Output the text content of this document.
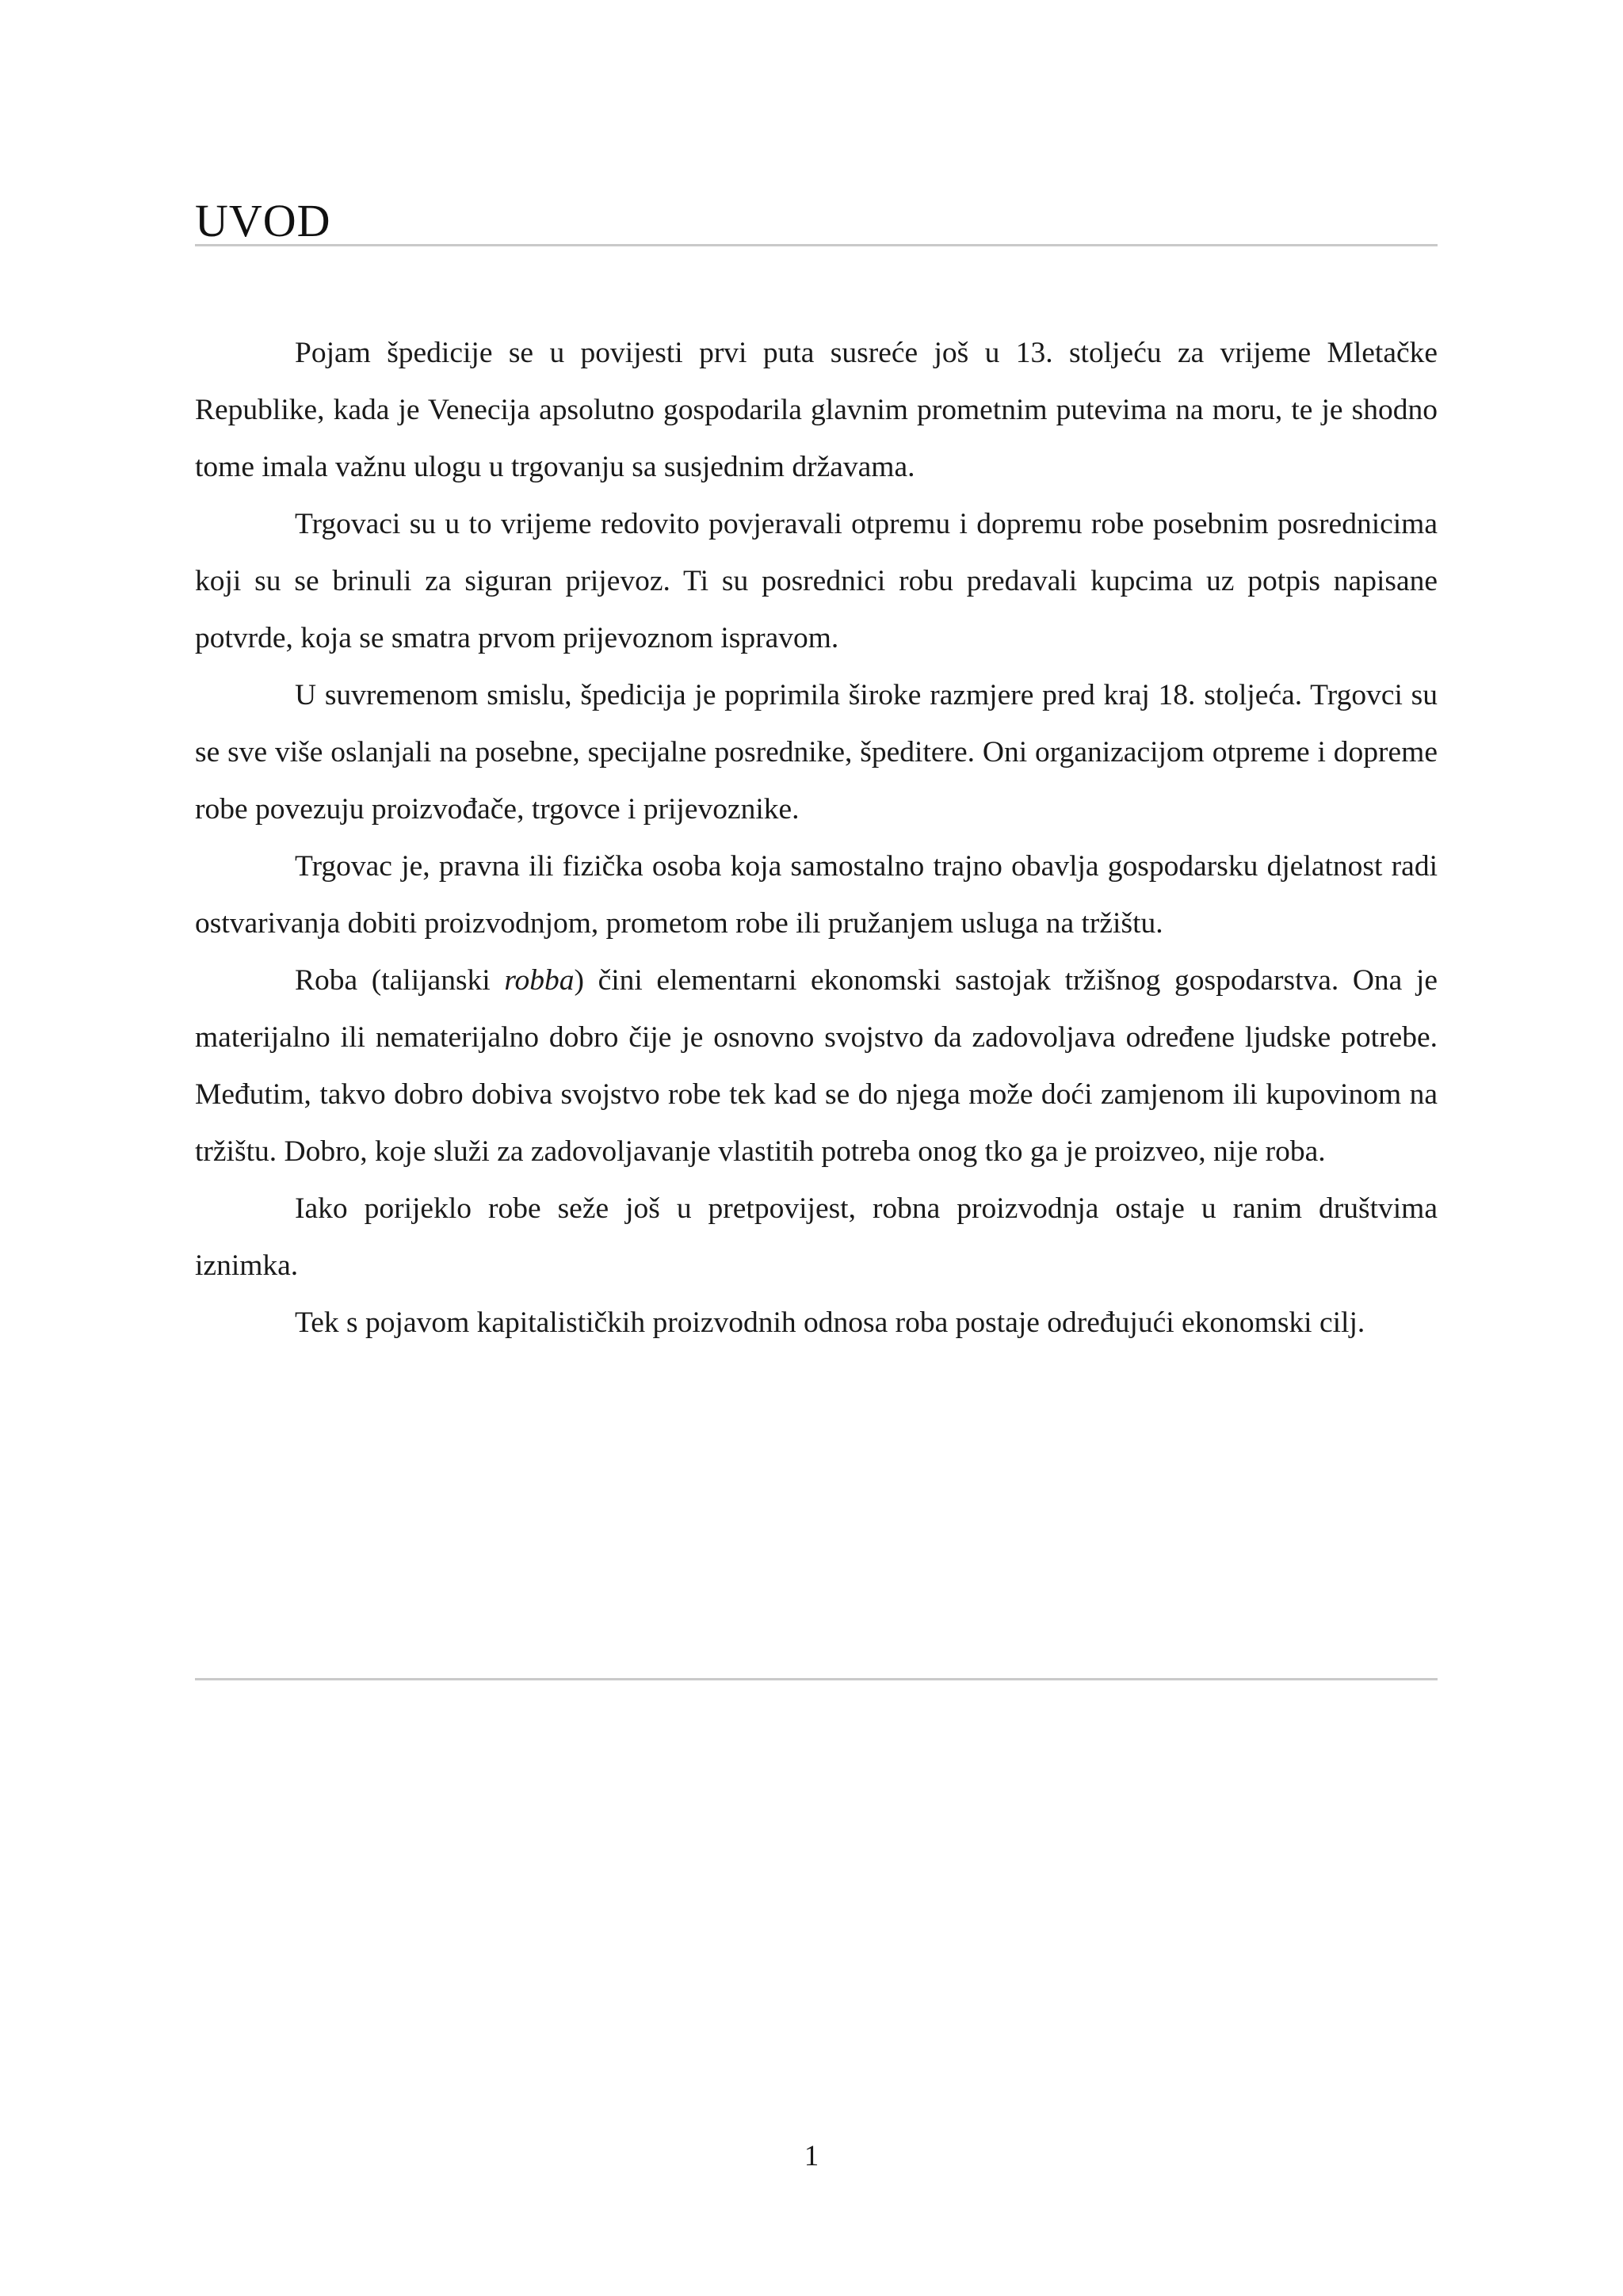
UVOD

Pojam špedicije se u povijesti prvi puta susreće još u 13. stoljeću za vrijeme Mletačke Republike, kada je Venecija apsolutno gospodarila glavnim prometnim putevima na moru, te je shodno tome imala važnu ulogu u trgovanju sa susjednim državama.

Trgovaci su u to vrijeme redovito povjeravali otpremu i dopremu robe posebnim posrednicima koji su se brinuli za siguran prijevoz. Ti su posrednici robu predavali kupcima uz potpis napisane potvrde, koja se smatra prvom prijevoznom ispravom.

U suvremenom smislu, špedicija je poprimila široke razmjere pred kraj 18. stoljeća. Trgovci su se sve više oslanjali na posebne, specijalne posrednike, špeditere. Oni organizacijom otpreme i dopreme robe povezuju proizvođače, trgovce i prijevoznike.

Trgovac je, pravna ili fizička osoba koja samostalno trajno obavlja gospodarsku djelatnost radi ostvarivanja dobiti proizvodnjom, prometom robe ili pružanjem usluga na tržištu.

Roba (talijanski robba) čini elementarni ekonomski sastojak tržišnog gospodarstva. Ona je materijalno ili nematerijalno dobro čije je osnovno svojstvo da zadovoljava određene ljudske potrebe. Međutim, takvo dobro dobiva svojstvo robe tek kad se do njega može doći zamjenom ili kupovinom na tržištu. Dobro, koje služi za zadovoljavanje vlastitih potreba onog tko ga je proizveo, nije roba.

Iako porijeklo robe seže još u pretpovijest, robna proizvodnja ostaje u ranim društvima iznimka.

Tek s pojavom kapitalističkih proizvodnih odnosa roba postaje određujući ekonomski cilj.

1
